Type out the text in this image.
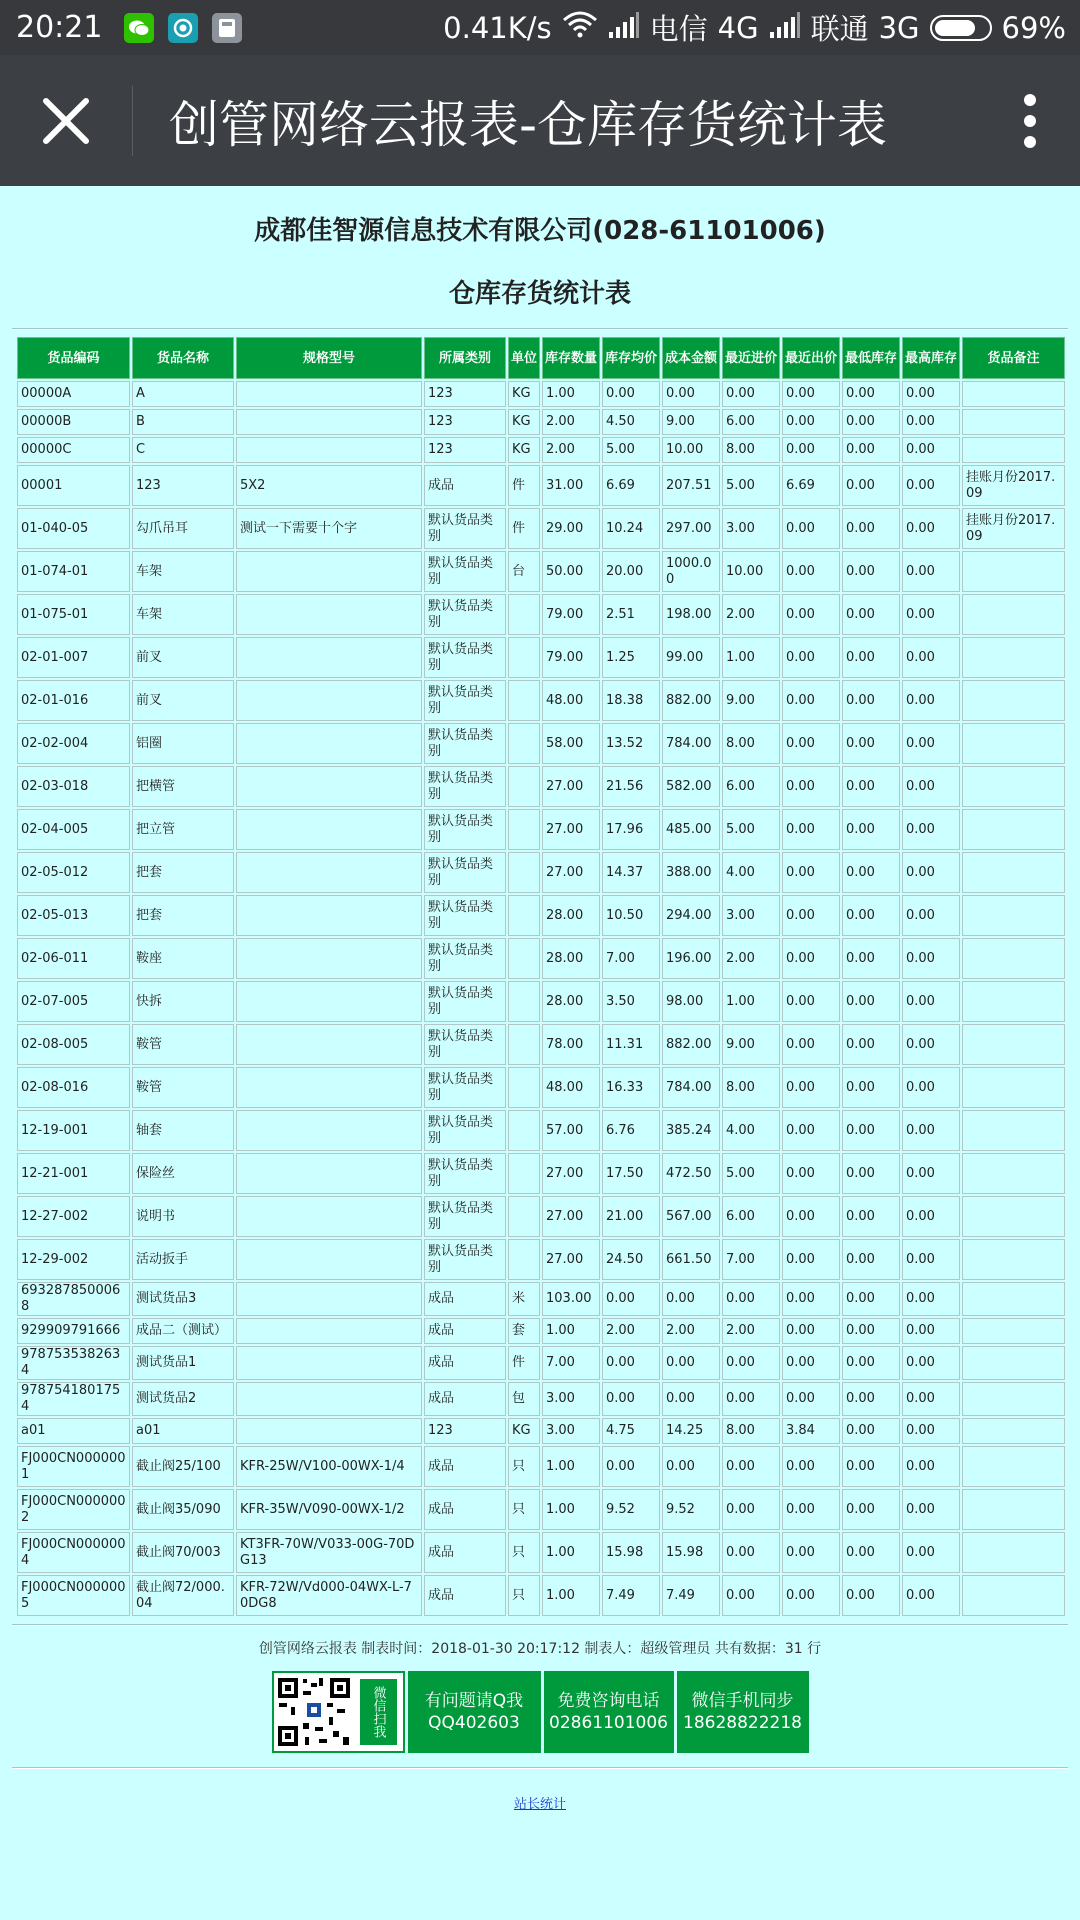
20:21	0.41K/s	电信 4G 联通 3G	69%
创管网络云报表-仓库存货统计表
成都佳智源信息技术有限公司(028-61101006)
仓库存货统计表
货品编码	货品名称	规格型号	所属类别	单位	库存数量	库存均价	成本金额	最近进价	最近出价	最低库存	最高库存	货品备注
00000A	A		123	KG	1.00	0.00	0.00	0.00	0.00	0.00	0.00	
00000B	B		123	KG	2.00	4.50	9.00	6.00	0.00	0.00	0.00	
00000C	C		123	KG	2.00	5.00	10.00	8.00	0.00	0.00	0.00	
00001	123	5X2	成品	件	31.00	6.69	207.51	5.00	6.69	0.00	0.00	挂账月份2017.09
01-040-05	勾爪吊耳	测试一下需要十个字	默认货品类别	件	29.00	10.24	297.00	3.00	0.00	0.00	0.00	挂账月份2017.09
01-074-01	车架		默认货品类别	台	50.00	20.00	1000.00	10.00	0.00	0.00	0.00	
01-075-01	车架		默认货品类别		79.00	2.51	198.00	2.00	0.00	0.00	0.00	
02-01-007	前叉		默认货品类别		79.00	1.25	99.00	1.00	0.00	0.00	0.00	
02-01-016	前叉		默认货品类别		48.00	18.38	882.00	9.00	0.00	0.00	0.00	
02-02-004	铝圈		默认货品类别		58.00	13.52	784.00	8.00	0.00	0.00	0.00	
02-03-018	把横管		默认货品类别		27.00	21.56	582.00	6.00	0.00	0.00	0.00	
02-04-005	把立管		默认货品类别		27.00	17.96	485.00	5.00	0.00	0.00	0.00	
02-05-012	把套		默认货品类别		27.00	14.37	388.00	4.00	0.00	0.00	0.00	
02-05-013	把套		默认货品类别		28.00	10.50	294.00	3.00	0.00	0.00	0.00	
02-06-011	鞍座		默认货品类别		28.00	7.00	196.00	2.00	0.00	0.00	0.00	
02-07-005	快拆		默认货品类别		28.00	3.50	98.00	1.00	0.00	0.00	0.00	
02-08-005	鞍管		默认货品类别		78.00	11.31	882.00	9.00	0.00	0.00	0.00	
02-08-016	鞍管		默认货品类别		48.00	16.33	784.00	8.00	0.00	0.00	0.00	
12-19-001	轴套		默认货品类别		57.00	6.76	385.24	4.00	0.00	0.00	0.00	
12-21-001	保险丝		默认货品类别		27.00	17.50	472.50	5.00	0.00	0.00	0.00	
12-27-002	说明书		默认货品类别		27.00	21.00	567.00	6.00	0.00	0.00	0.00	
12-29-002	活动扳手		默认货品类别		27.00	24.50	661.50	7.00	0.00	0.00	0.00	
6932878500068	测试货品3		成品	米	103.00	0.00	0.00	0.00	0.00	0.00	0.00	
929909791666	成品二（测试）		成品	套	1.00	2.00	2.00	2.00	0.00	0.00	0.00	
9787535382634	测试货品1		成品	件	7.00	0.00	0.00	0.00	0.00	0.00	0.00	
9787541801754	测试货品2		成品	包	3.00	0.00	0.00	0.00	0.00	0.00	0.00	
a01	a01		123	KG	3.00	4.75	14.25	8.00	3.84	0.00	0.00	
FJ000CN0000001	截止阀25/100	KFR-25W/V100-00WX-1/4	成品	只	1.00	0.00	0.00	0.00	0.00	0.00	0.00	
FJ000CN0000002	截止阀35/090	KFR-35W/V090-00WX-1/2	成品	只	1.00	9.52	9.52	0.00	0.00	0.00	0.00	
FJ000CN0000004	截止阀70/003	KT3FR-70W/V033-00G-70DG13	成品	只	1.00	15.98	15.98	0.00	0.00	0.00	0.00	
FJ000CN0000005	截止阀72/000.04	KFR-72W/Vd000-04WX-L-70DG8	成品	只	1.00	7.49	7.49	0.00	0.00	0.00	0.00	
创管网络云报表 制表时间：2018-01-30 20:17:12 制表人：超级管理员 共有数据：31 行
微信扫我	有问题请Q我
QQ402603
免费咨询电话
02861101006
微信手机同步
18628822218
站长统计
